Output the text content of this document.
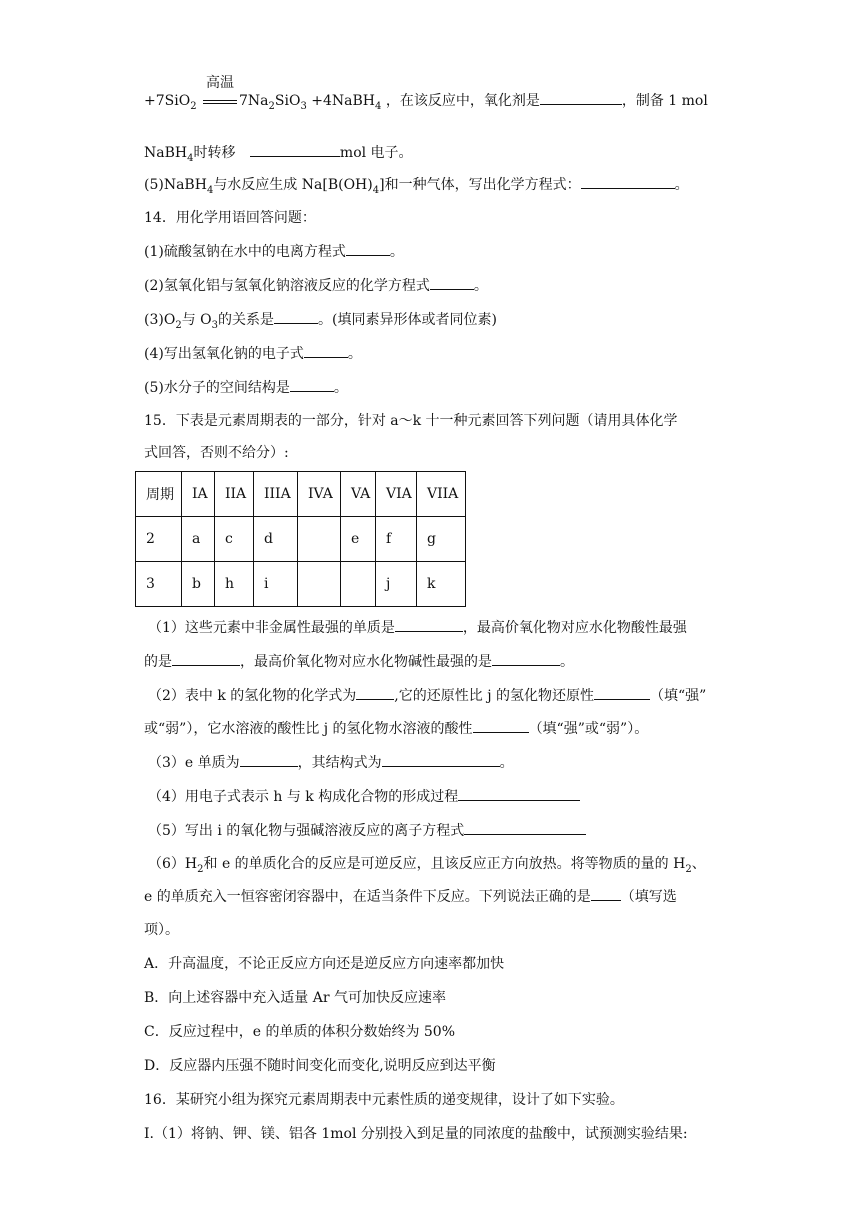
+7SiO$_2$
高温
$7Na_2SiO_3$ +4NaBH$_4$ ，在该反应中，氧化剂是	，制备 1 mol
NaBH$_4$时转移	mol 电子。
(5)NaBH$_4$与水反应生成 $Na[B(OH)_4]$和一种气体，写出化学方程式：	。
14．用化学用语回答问题：
(1)硫酸氢钠在水中的电离方程式	。
(2)氢氧化铝与氢氧化钠溶液反应的化学方程式	。
$(3)O_2$与 $O_3$的关系是	。(填同素异形体或者同位素)
(4)写出氢氧化钠的电子式	。
(5)水分子的空间结构是	。
15．下表是元素周期表的一部分，针对 a～k 十一种元素回答下列问题（请用具体化学
式回答，否则不给分）:
周期	IA	IIA	IIIA	IVA	VA	VIA	VIIA
2	a	c	d		e	f	g
3	b	h	i			j	k
（1）这些元素中非金属性最强的单质是	，最高价氧化物对应水化物酸性最强
的是	，最高价氧化物对应水化物碱性最强的是	。
（2）表中 k 的氢化物的化学式为	,它的还原性比 j 的氢化物还原性	（填“强”
或“弱”），它水溶液的酸性比 j 的氢化物水溶液的酸性	（填“强”或“弱”）。
（3）e 单质为	，其结构式为	。
（4）用电子式表示 h 与 k 构成化合物的形成过程
（5）写出 i 的氧化物与强碱溶液反应的离子方程式
$(6)H_2$和 e 的单质化合的反应是可逆反应，且该反应正方向放热。将等物质的量的 $H_2$、
e 的单质充入一恒容密闭容器中，在适当条件下反应。下列说法正确的是 （填写选
项）。
A．升高温度，不论正反应方向还是逆反应方向速率都加快
B．向上述容器中充入适量 Ar 气可加快反应速率
C．反应过程中，e 的单质的体积分数始终为 50%
D．反应器内压强不随时间变化而变化,说明反应到达平衡
16．某研究小组为探究元素周期表中元素性质的递变规律，设计了如下实验。
I.（1）将钠、钾、镁、铝各 1mol 分别投入到足量的同浓度的盐酸中，试预测实验结果:
